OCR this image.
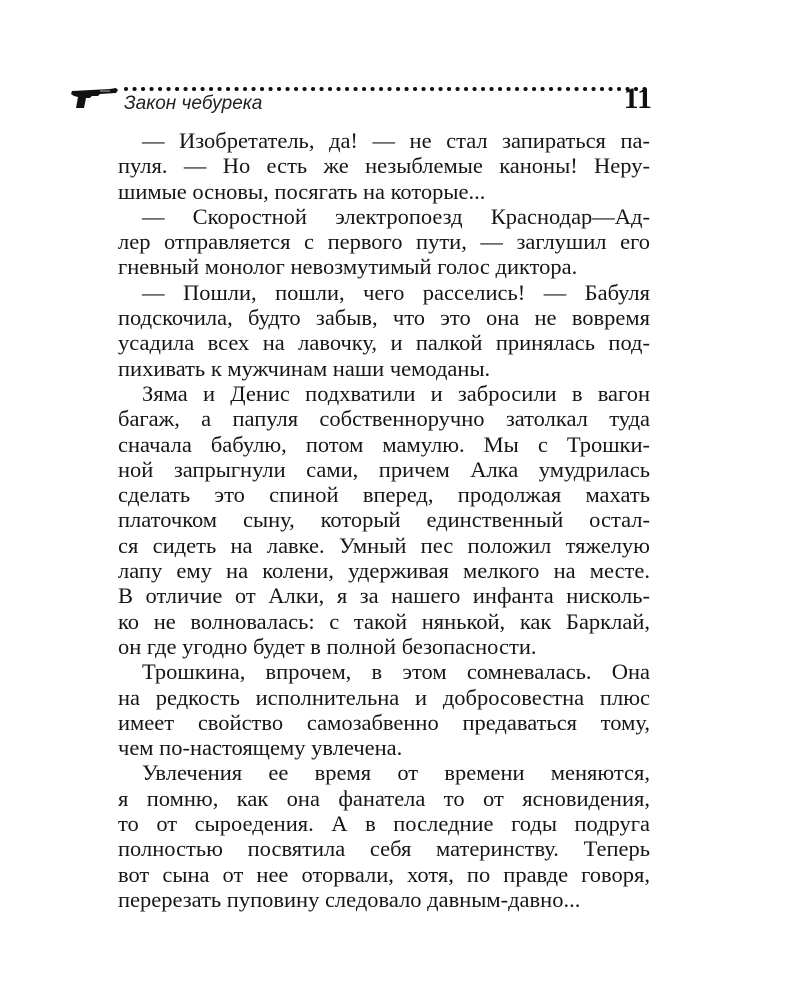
Закон чебурека	11
— Изобретатель, да! — не стал запираться па-
пуля. — Но есть же незыблемые каноны! Неру-
шимые основы, посягать на которые...
— Скоростной электропоезд Краснодар—Ад-
лер отправляется с первого пути, — заглушил его
гневный монолог невозмутимый голос диктора.
— Пошли, пошли, чего расселись! — Бабуля
подскочила, будто забыв, что это она не вовремя
усадила всех на лавочку, и палкой принялась под-
пихивать к мужчинам наши чемоданы.
Зяма и Денис подхватили и забросили в вагон
багаж, а папуля собственноручно затолкал туда
сначала бабулю, потом мамулю. Мы с Трошки-
ной запрыгнули сами, причем Алка умудрилась
сделать это спиной вперед, продолжая махать
платочком сыну, который единственный остал-
ся сидеть на лавке. Умный пес положил тяжелую
лапу ему на колени, удерживая мелкого на месте.
В отличие от Алки, я за нашего инфанта нисколь-
ко не волновалась: с такой нянькой, как Барклай,
он где угодно будет в полной безопасности.
Трошкина, впрочем, в этом сомневалась. Она
на редкость исполнительна и добросовестна плюс
имеет свойство самозабвенно предаваться тому,
чем по-настоящему увлечена.
Увлечения ее время от времени меняются,
я помню, как она фанатела то от ясновидения,
то от сыроедения. А в последние годы подруга
полностью посвятила себя материнству. Теперь
вот сына от нее оторвали, хотя, по правде говоря,
перерезать пуповину следовало давным-давно...
